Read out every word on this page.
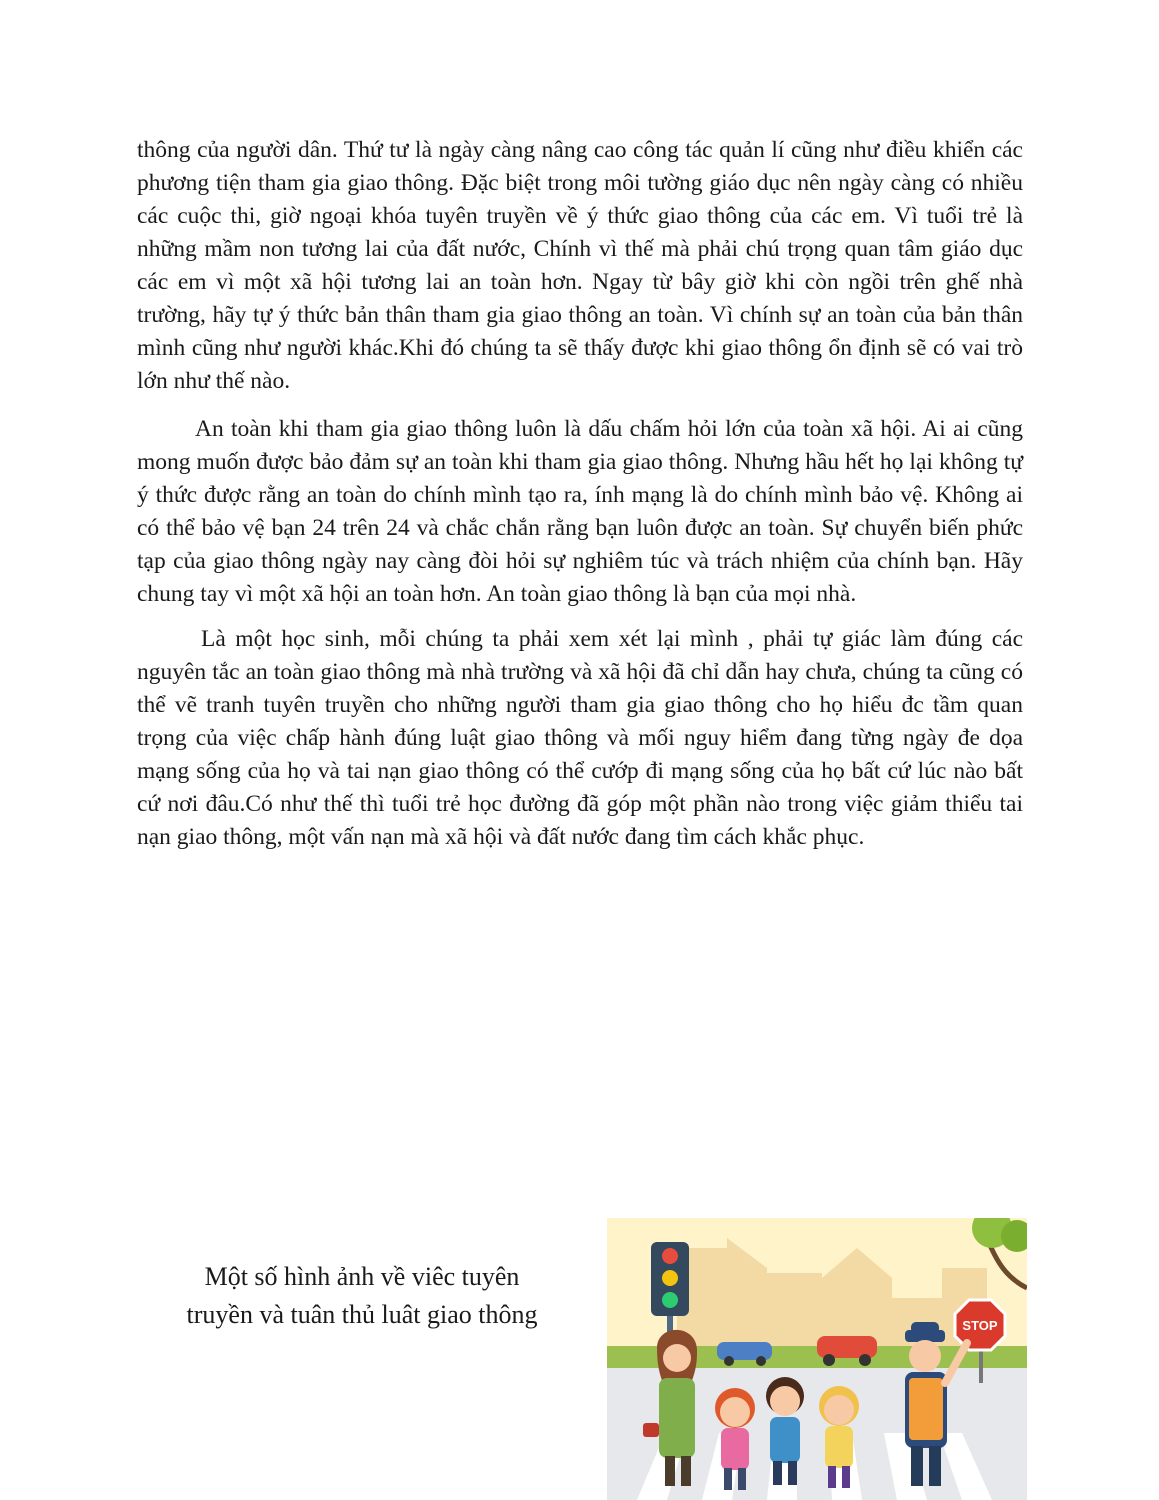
thông của người dân. Thứ tư là ngày càng nâng cao công tác quản lí cũng như điều khiển các phương tiện tham gia giao thông. Đặc biệt trong môi tường giáo dục nên ngày càng có nhiều các cuộc thi, giờ ngoại khóa tuyên truyền về ý thức giao thông của các em. Vì tuổi trẻ là những mầm non tương lai của đất nước, Chính vì thế mà phải chú trọng quan tâm giáo dục các em vì một xã hội tương lai an toàn hơn. Ngay từ bây giờ khi còn ngồi trên ghế nhà trường, hãy tự ý thức bản thân tham gia giao thông an toàn. Vì chính sự an toàn của bản thân mình cũng như người khác.Khi đó chúng ta sẽ thấy được khi giao thông ổn định sẽ có vai trò lớn như thế nào.

An toàn khi tham gia giao thông luôn là dấu chấm hỏi lớn của toàn xã hội. Ai ai cũng mong muốn được bảo đảm sự an toàn khi tham gia giao thông. Nhưng hầu hết họ lại không tự ý thức được rằng an toàn do chính mình tạo ra, ính mạng là do chính mình bảo vệ. Không ai có thể bảo vệ bạn 24 trên 24 và chắc chắn rằng bạn luôn được an toàn. Sự chuyển biến phức tạp của giao thông ngày nay càng đòi hỏi sự nghiêm túc và trách nhiệm của chính bạn. Hãy chung tay vì một xã hội an toàn hơn. An toàn giao thông là bạn của mọi nhà.

Là một học sinh, mỗi chúng ta phải xem xét lại mình , phải tự giác làm đúng các nguyên tắc an toàn giao thông mà nhà trường và xã hội đã chỉ dẫn hay chưa, chúng ta cũng có thể vẽ tranh tuyên truyền cho những người tham gia giao thông cho họ hiểu đc tầm quan trọng của việc chấp hành đúng luật giao thông và mối nguy hiểm đang từng ngày đe dọa mạng sống của họ và tai nạn giao thông có thể cướp đi mạng sống của họ bất cứ lúc nào bất cứ nơi đâu.Có như thế thì tuổi trẻ học đường đã góp một phần nào trong việc giảm thiểu tai nạn giao thông, một vấn nạn mà xã hội và đất nước đang tìm cách khắc phục.

Một số hình ảnh về viêc tuyên
truyền và tuân thủ luât giao thông	STOP
